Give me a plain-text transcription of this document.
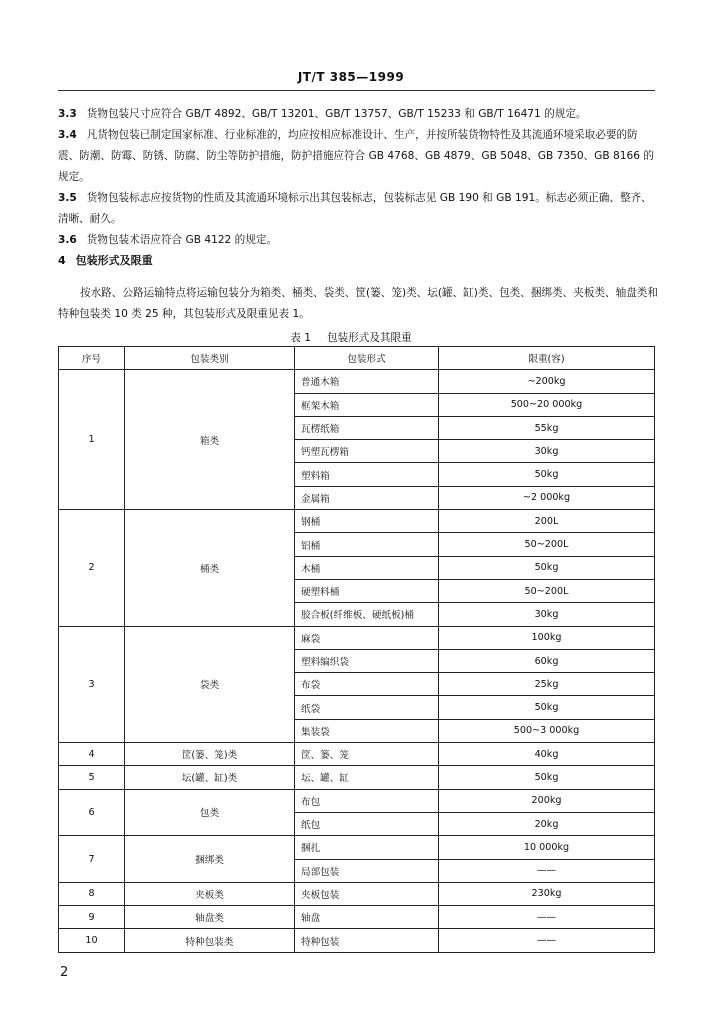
JT/T 385—1999
3.3 货物包装尺寸应符合 GB/T 4892、GB/T 13201、GB/T 13757、GB/T 15233 和 GB/T 16471 的规定。
3.4 凡货物包装已制定国家标准、行业标准的，均应按相应标准设计、生产，并按所装货物特性及其流通环境采取必要的防震、防潮、防霉、防锈、防腐、防尘等防护措施，防护措施应符合 GB 4768、GB 4879、GB 5048、GB 7350、GB 8166 的规定。
3.5 货物包装标志应按货物的性质及其流通环境标示出其包装标志，包装标志见 GB 190 和 GB 191。标志必须正确、整齐、清晰、耐久。
3.6 货物包装术语应符合 GB 4122 的规定。
4 包装形式及限重
按水路、公路运输特点将运输包装分为箱类、桶类、袋类、筐(篓、笼)类、坛(罐、缸)类、包类、捆绑类、夹板类、轴盘类和特种包装类 10 类 25 种，其包装形式及限重见表 1。
表 1 包装形式及其限重
序号	包装类别	包装形式	限重(容)
1	箱类	普通木箱	~200kg
		框架木箱	500~20 000kg
		瓦楞纸箱	55kg
		钙塑瓦楞箱	30kg
		塑料箱	50kg
		金属箱	~2 000kg
2	桶类	钢桶	200L
		铝桶	50~200L
		木桶	50kg
		硬塑料桶	50~200L
		胶合板(纤维板、硬纸板)桶	30kg
3	袋类	麻袋	100kg
		塑料编织袋	60kg
		布袋	25kg
		纸袋	50kg
		集装袋	500~3 000kg
4	筐(篓、笼)类	筐、篓、笼	40kg
5	坛(罐、缸)类	坛、罐、缸	50kg
6	包类	布包	200kg
		纸包	20kg
7	捆绑类	捆扎	10 000kg
		局部包装	——
8	夹板类	夹板包装	230kg
9	轴盘类	轴盘	——
10	特种包装类	特种包装	——
2
